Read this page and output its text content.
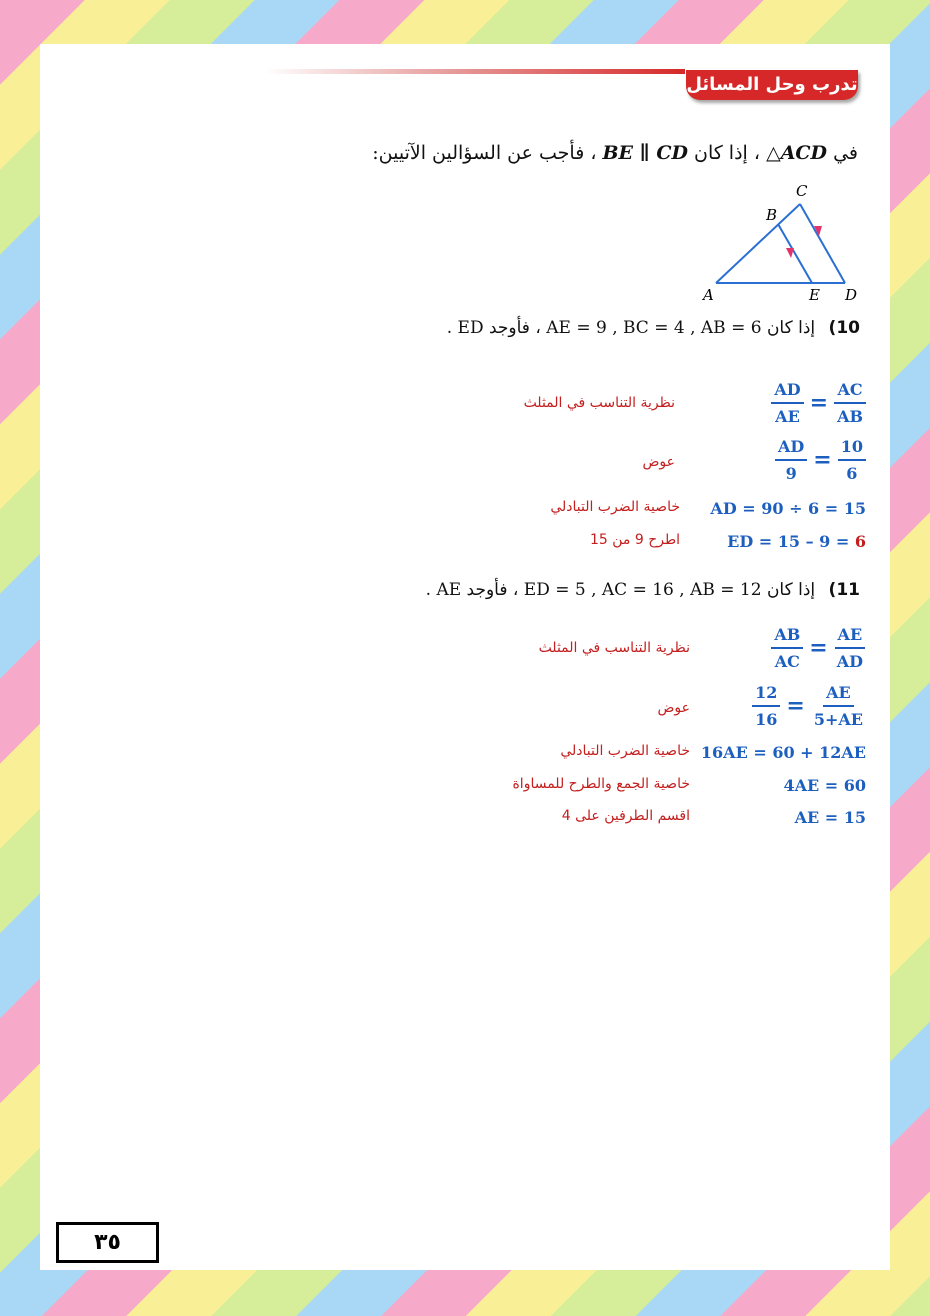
تدرب وحل المسائل
في ACD△ ، إذا كان BE ∥ CD ، فأجب عن السؤالين الآتيين:
C
B
A	E D
10) إذا كان AE = 9 , BC = 4 , AB = 6 ، فأوجد ED .
$\frac{AD}{AE} = \frac{AC}{AB}$
نظرية التناسب في المثلث
$\frac{AD}{9} = \frac{10}{6}$
عوض
AD = 90 ÷ 6 = 15
خاصية الضرب التبادلي
ED = 15 – 9 = 6
اطرح 9 من 15
11) إذا كان ED = 5 , AC = 16 , AB = 12 ، فأوجد AE .
$\frac{AB}{AC} = \frac{AE}{AD}$
نظرية التناسب في المثلث
$\frac{12}{16} = \frac{AE}{5+AE}$
عوض
16AE = 60 + 12AE
خاصية الضرب التبادلي
4AE = 60
خاصية الجمع والطرح للمساواة
AE = 15
اقسم الطرفين على 4
٣٥
